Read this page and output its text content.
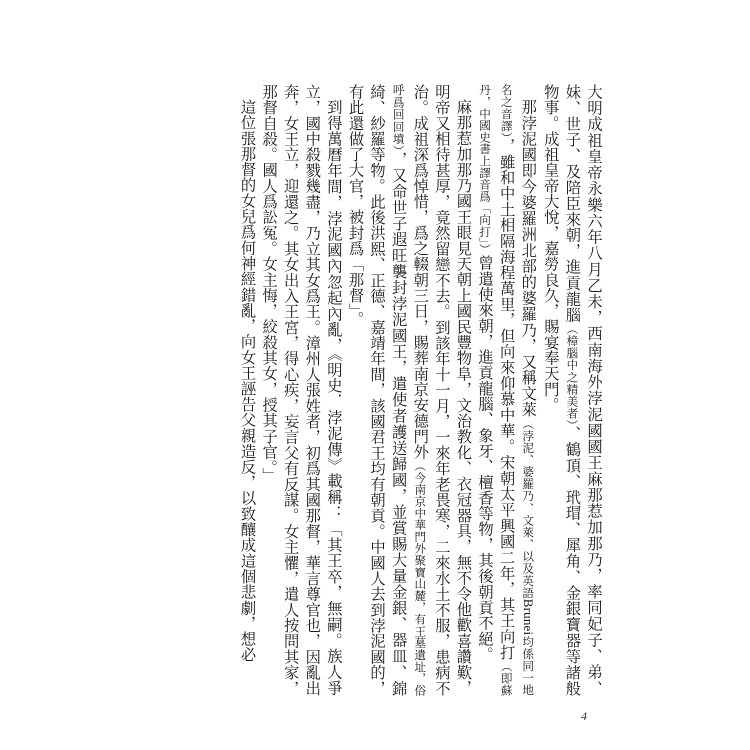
大明成祖皇帝永樂六年八月乙未，西南海外浡泥國國王麻那惹加那乃，率同妃子、弟、妹、世子、及陪臣來朝，進貢龍腦（樟腦中之精美者）、鶴頂、玳瑁、犀角、金銀寶器等諸般物事。成祖皇帝大悅，嘉勞良久，賜宴奉天門。

那浡泥國即今婆羅洲北部的婆羅乃，又稱文萊（浡泥、婆羅乃、文萊、以及英語Brunei均係同一地名之音譯），雖和中土相隔海程萬里，但向來仰慕中華。宋朝太平興國二年，其王向打（即蘇丹，中國史書上譯音爲「向打」）曾遣使來朝，進貢龍腦、象牙、檀香等物，其後朝貢不絕。

麻那惹加那乃國王眼見天朝上國民豐物阜，文治教化、衣冠器具，無不令他歡喜讚歎，明帝又相待甚厚，竟然留戀不去。到該年十一月，一來年老畏寒，二來水土不服，患病不治。成祖深爲悼惜，爲之輟朝三日，賜葬南京安德門外（今南京中華門外聚寶山麓，有王墓遺址，俗呼爲回回墳），又命世子遐旺襲封浡泥國王，遣使者護送歸國，並賞賜大量金銀、器皿、錦綺、紗羅等物。此後洪熙、正德、嘉靖年間，該國君王均有朝貢。中國人去到浡泥國的，有此還做了大官，被封爲「那督」。

到得萬曆年間，浡泥國內忽起內亂，《明史．浡泥傳》載稱：「其王卒，無嗣。族人爭立，國中殺戮幾盡，乃立其女爲王。漳州人張姓者，初爲其國那督，華言尊官也，因亂出奔，女王立，迎還之。其女出入王宮，得心疾，妄言父有反謀。女主懼，遣人按問其家，那督自殺。國人爲訟冤。女主悔，絞殺其女，授其子官。」

這位張那督的女兒爲何神經錯亂，向女王誣告父親造反，以致釀成這個悲劇，想必

4
